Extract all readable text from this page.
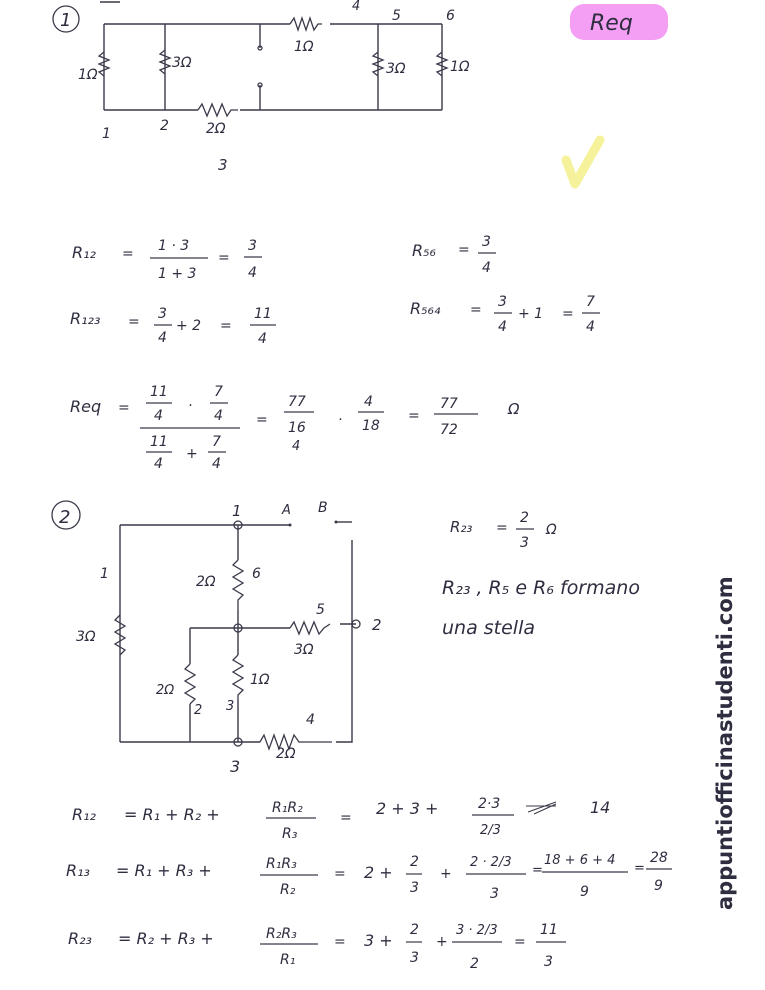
1	Req
1Ω
3Ω
1Ω
3Ω	1Ω
2Ω
1	2
3
4
5	6
R₁₂ = 1 · 3
1 + 3
=
3
4
R₅₆ = 3
4
R₁₂₃ = 3
4
+ 2 =
11
4
R₅₆₄ = 3
4
+ 1 =
7
4
Req =
11
4
·
7
4
11
4
+
7
4
=
77
16
4
·
4
18
=
77
72
Ω
2	1	A B
2Ω	6
1
3Ω
5
3Ω
2
2Ω
2
1Ω
3
4
2Ω
3
R₂₃ =
2
3
Ω
R₂₃ , R₅ e R₆ formano
una stella
R₁₂ = R₁ + R₂ +	R₁R₂
R₃
= 2 + 3 +	2·3
2/3
14
R₁₃ = R₁ + R₃ +	R₁R₃
R₂
= 2 +
2
3
+
2 · 2/3
3
=
18 + 6 + 4
9
=
28
9
R₂₃ = R₂ + R₃ +	R₂R₃
R₁
= 3 +
2
3
+
3 · 2/3
2
=
11
3
appuntiofficinastudenti.com
